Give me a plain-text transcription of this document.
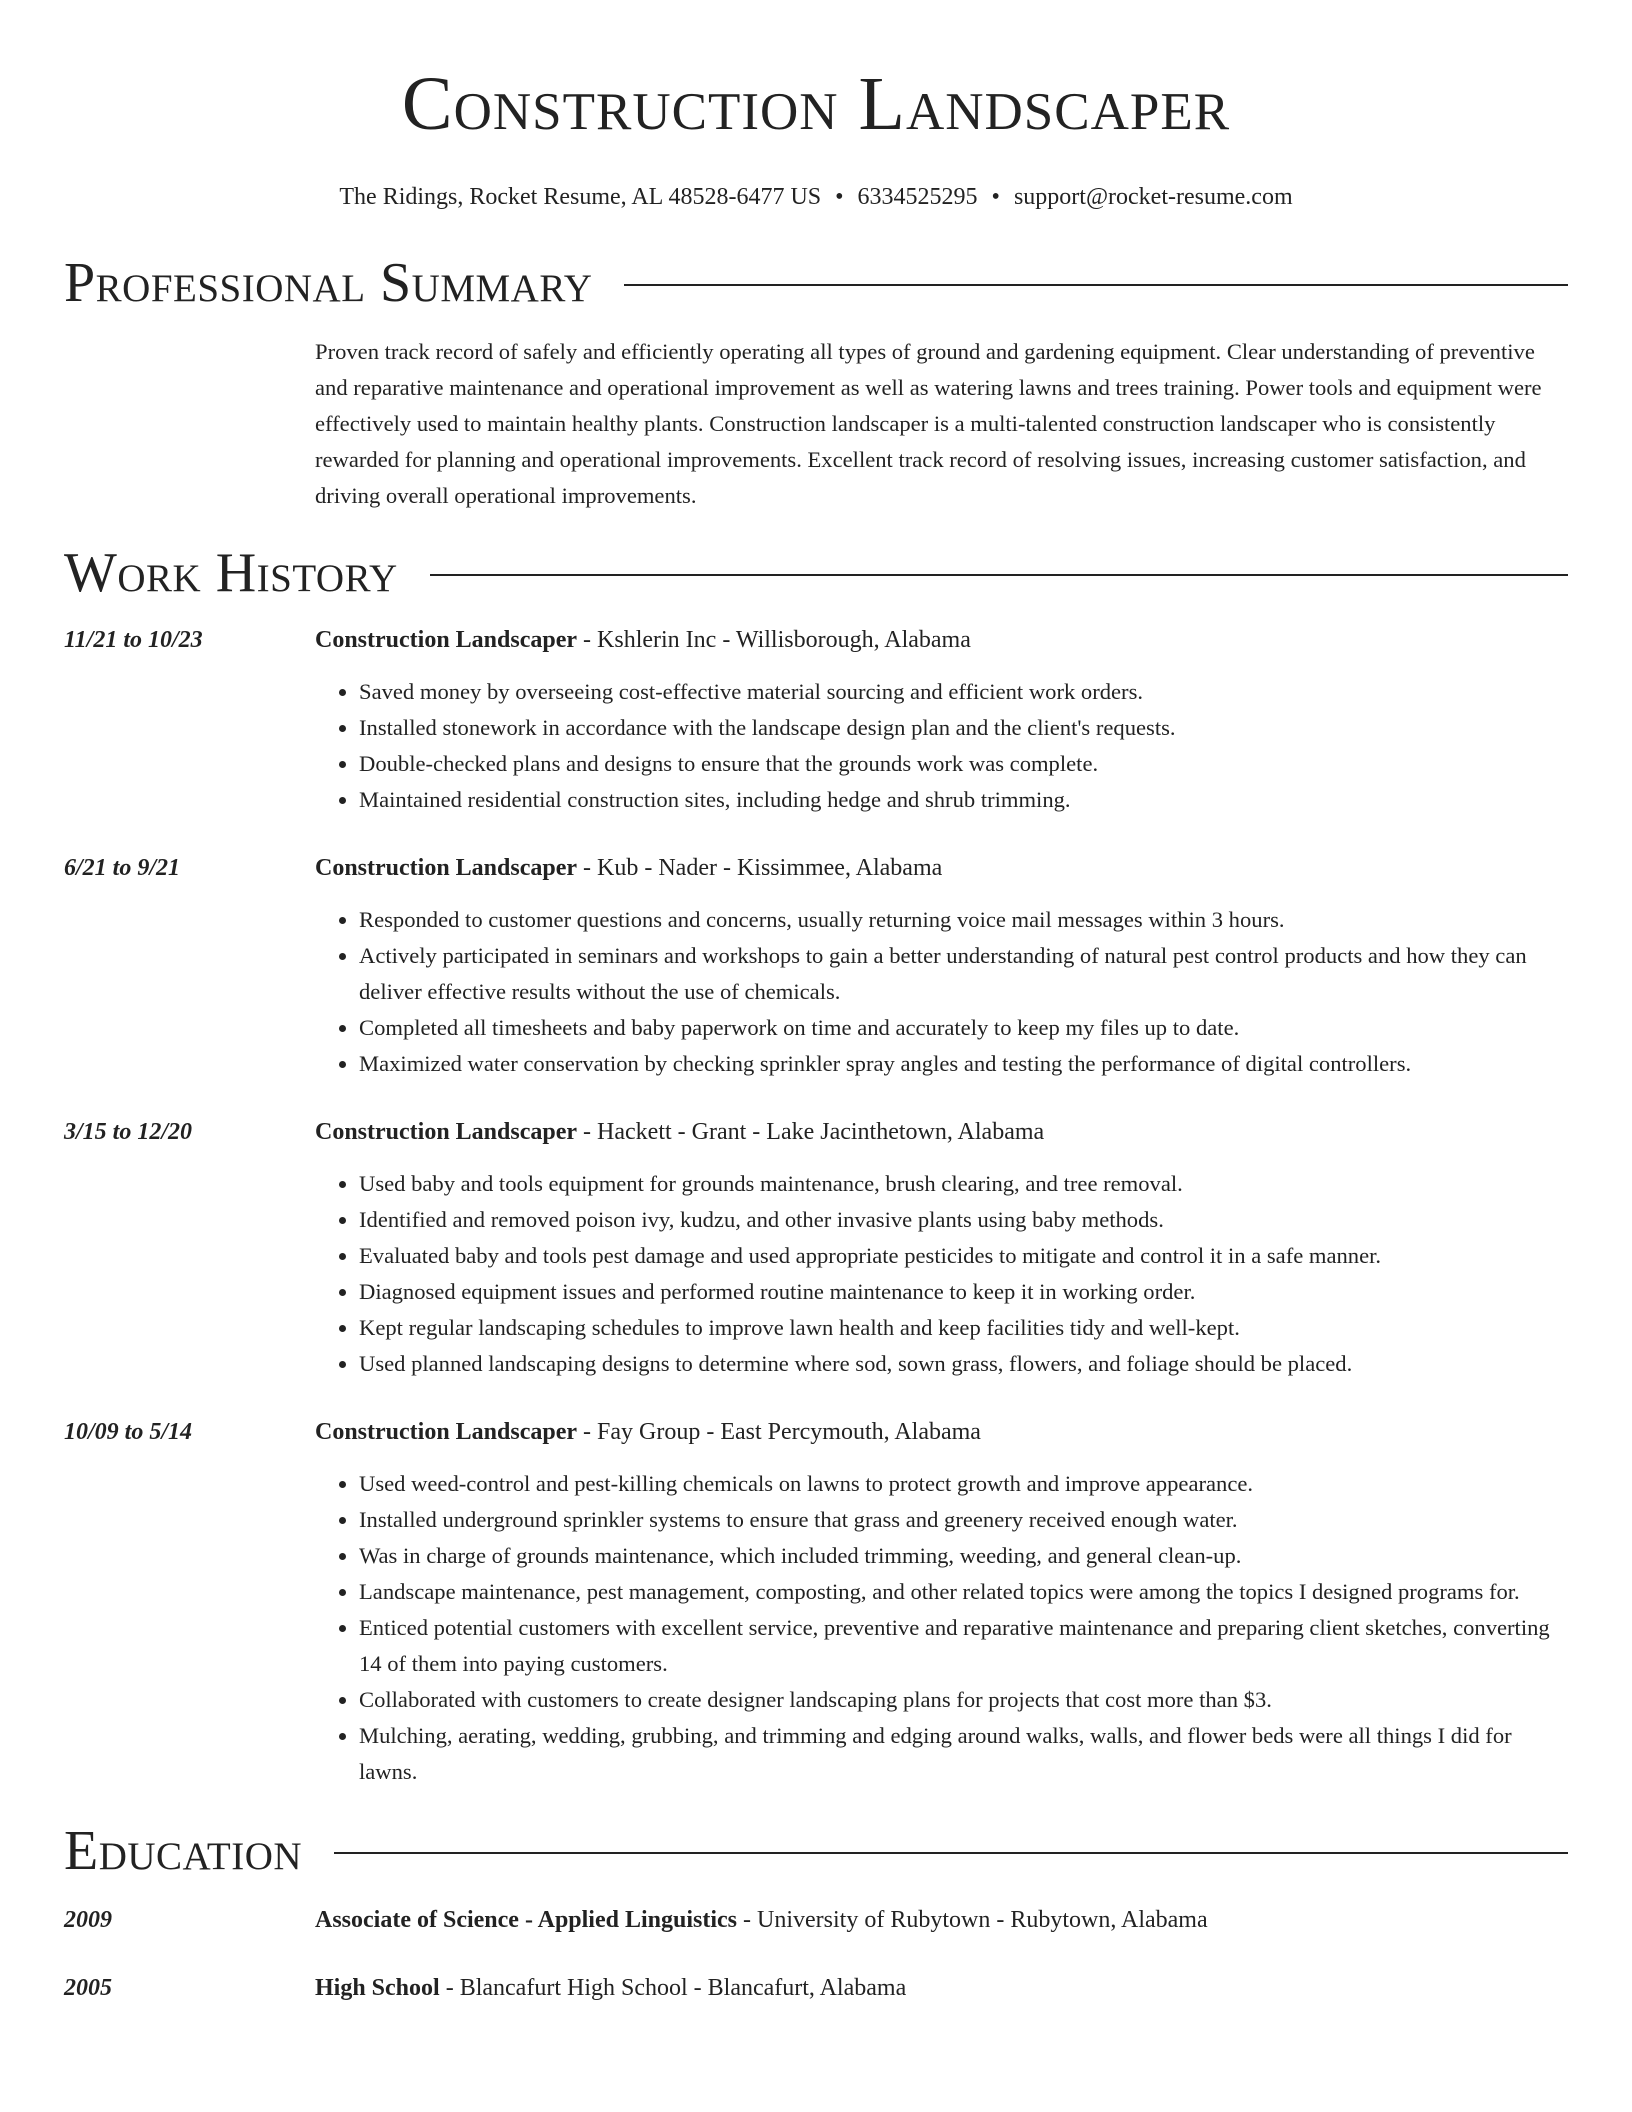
Construction Landscaper
The Ridings, Rocket Resume, AL 48528-6477 US • 6334525295 • support@rocket-resume.com
Professional Summary
Proven track record of safely and efficiently operating all types of ground and gardening equipment. Clear understanding of preventive and reparative maintenance and operational improvement as well as watering lawns and trees training. Power tools and equipment were effectively used to maintain healthy plants. Construction landscaper is a multi-talented construction landscaper who is consistently rewarded for planning and operational improvements. Excellent track record of resolving issues, increasing customer satisfaction, and driving overall operational improvements.
Work History
11/21 to 10/23	Construction Landscaper - Kshlerin Inc - Willisborough, Alabama
• Saved money by overseeing cost-effective material sourcing and efficient work orders.
• Installed stonework in accordance with the landscape design plan and the client's requests.
• Double-checked plans and designs to ensure that the grounds work was complete.
• Maintained residential construction sites, including hedge and shrub trimming.
6/21 to 9/21	Construction Landscaper - Kub - Nader - Kissimmee, Alabama
• Responded to customer questions and concerns, usually returning voice mail messages within 3 hours.
• Actively participated in seminars and workshops to gain a better understanding of natural pest control products and how they can deliver effective results without the use of chemicals.
• Completed all timesheets and baby paperwork on time and accurately to keep my files up to date.
• Maximized water conservation by checking sprinkler spray angles and testing the performance of digital controllers.
3/15 to 12/20	Construction Landscaper - Hackett - Grant - Lake Jacinthetown, Alabama
• Used baby and tools equipment for grounds maintenance, brush clearing, and tree removal.
• Identified and removed poison ivy, kudzu, and other invasive plants using baby methods.
• Evaluated baby and tools pest damage and used appropriate pesticides to mitigate and control it in a safe manner.
• Diagnosed equipment issues and performed routine maintenance to keep it in working order.
• Kept regular landscaping schedules to improve lawn health and keep facilities tidy and well-kept.
• Used planned landscaping designs to determine where sod, sown grass, flowers, and foliage should be placed.
10/09 to 5/14	Construction Landscaper - Fay Group - East Percymouth, Alabama
• Used weed-control and pest-killing chemicals on lawns to protect growth and improve appearance.
• Installed underground sprinkler systems to ensure that grass and greenery received enough water.
• Was in charge of grounds maintenance, which included trimming, weeding, and general clean-up.
• Landscape maintenance, pest management, composting, and other related topics were among the topics I designed programs for.
• Enticed potential customers with excellent service, preventive and reparative maintenance and preparing client sketches, converting 14 of them into paying customers.
• Collaborated with customers to create designer landscaping plans for projects that cost more than $3.
• Mulching, aerating, wedding, grubbing, and trimming and edging around walks, walls, and flower beds were all things I did for lawns.
Education
2009	Associate of Science - Applied Linguistics - University of Rubytown - Rubytown, Alabama
2005	High School - Blancafurt High School - Blancafurt, Alabama
